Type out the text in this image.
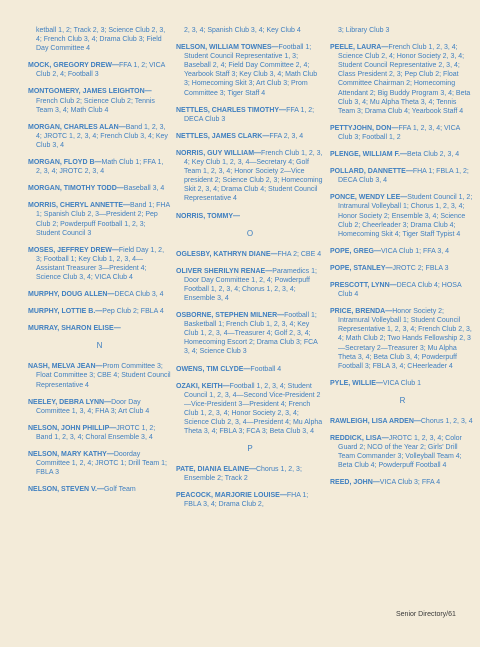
ketball 1, 2; Track 2, 3; Science Club 2, 3, 4; French Club 3, 4; Drama Club 3; Field Day Committee 4
MOCK, GREGORY DREW—FFA 1, 2; VICA Club 2, 4; Football 3
MONTGOMERY, JAMES LEIGHTON—French Club 2; Science Club 2; Tennis Team 3, 4; Math Club 4
MORGAN, CHARLES ALAN—Band 1, 2, 3, 4; JROTC 1, 2, 3, 4; French Club 3, 4; Key Club 3, 4
MORGAN, FLOYD B—Math Club 1; FFA 1, 2, 3, 4; JROTC 2, 3, 4
MORGAN, TIMOTHY TODD—Baseball 3, 4
MORRIS, CHERYL ANNETTE—Band 1; FHA 1; Spanish Club 2, 3—President 2; Pep Club 2; Powderpuff Football 1, 2, 3; Student Council 3
MOSES, JEFFREY DREW—Field Day 1, 2, 3; Football 1; Key Club 1, 2, 3, 4—Assistant Treasurer 3—President 4; Science Club 3, 4; VICA Club 4
MURPHY, DOUG ALLEN—DECA Club 3, 4
MURPHY, LOTTIE B.—Pep Club 2; FBLA 4
MURRAY, SHARON ELISE—
N
NASH, MELVA JEAN—Prom Committee 3; Float Committee 3; CBE 4; Student Council Representative 4
NEELEY, DEBRA LYNN—Door Day Committee 1, 3, 4; FHA 3; Art Club 4
NELSON, JOHN PHILLIP—JROTC 1, 2; Band 1, 2, 3, 4; Choral Ensemble 3, 4
NELSON, MARY KATHY—Doorday Committee 1, 2, 4; JROTC 1; Drill Team 1; FBLA 3
NELSON, STEVEN V.—Golf Team
2, 3, 4; Spanish Club 3, 4; Key Club 4
NELSON, WILLIAM TOWNES—Football 1; Student Council Representative 1, 3; Baseball 2, 4; Field Day Committee 2, 4; Yearbook Staff 3; Key Club 3, 4; Math Club 3; Homecoming Skit 3; Art Club 3; Prom Committee 3; Tiger Staff 4
NETTLES, CHARLES TIMOTHY—FFA 1, 2; DECA Club 3
NETTLES, JAMES CLARK—FFA 2, 3, 4
NORRIS, GUY WILLIAM—French Club 1, 2, 3, 4; Key Club 1, 2, 3, 4—Secretary 4; Golf Team 1, 2, 3, 4; Honor Society 2—Vice president 2; Science Club 2, 3; Homecoming Skit 2, 3, 4; Drama Club 4; Student Council Representative 4
NORRIS, TOMMY—
O
OGLESBY, KATHRYN DIANE—FHA 2; CBE 4
OLIVER SHERILYN RENAE—Paramedics 1; Door Day Committee 1, 2, 4; Powderpuff Football 1, 2, 3, 4; Chorus 1, 2, 3, 4; Ensemble 3, 4
OSBORNE, STEPHEN MILNER—Football 1; Basketball 1; French Club 1, 2, 3, 4; Key Club 1, 2, 3, 4—Treasurer 4; Golf 2, 3, 4; Homecoming Escort 2; Drama Club 3; FCA 3, 4; Science Club 3
OWENS, TIM CLYDE—Football 4
OZAKI, KEITH—Football 1, 2, 3, 4; Student Council 1, 2, 3, 4—Second Vice-President 2—Vice-President 3—President 4; French Club 1, 2, 3, 4; Honor Society 2, 3, 4; Science Club 2, 3, 4—President 4; Mu Alpha Theta 3, 4; FBLA 3; FCA 3; Beta Club 3, 4
P
PATE, DIANIA ELAINE—Chorus 1, 2, 3; Ensemble 2; Track 2
PEACOCK, MARJORIE LOUISE—FHA 1; FBLA 3, 4; Drama Club 2,
3; Library Club 3
PEELE, LAURA—French Club 1, 2, 3, 4; Science Club 2, 4; Honor Society 2, 3, 4; Student Council Representative 2, 3, 4; Class President 2, 3; Pep Club 2; Float Committee Chairman 2; Homecoming Attendant 2; Big Buddy Program 3, 4; Beta Club 3, 4; Mu Alpha Theta 3, 4; Tennis Team 3; Drama Club 4; Yearbook Staff 4
PETTYJOHN, DON—FFA 1, 2, 3, 4; VICA Club 3; Football 1, 2
PLENGE, WILLIAM F.—Beta Club 2, 3, 4
POLLARD, DANNETTE—FHA 1; FBLA 1, 2; DECA Club 3, 4
PONCE, WENDY LEE—Student Council 1, 2; Intramural Volleyball 1; Chorus 1, 2, 3, 4; Honor Society 2; Ensemble 3, 4; Science Club 2; Cheerleader 3; Drama Club 4; Homecoming Skit 4; Tiger Staff Typist 4
POPE, GREG—VICA Club 1; FFA 3, 4
POPE, STANLEY—JROTC 2; FBLA 3
PRESCOTT, LYNN—DECA Club 4; HOSA Club 4
PRICE, BRENDA—Honor Society 2; Intramural Volleyball 1; Student Council Representative 1, 2, 3, 4; French Club 2, 3, 4; Math Club 2; Two Hands Fellowship 2, 3—Secretary 2—Treasurer 3; Mu Alpha Theta 3, 4; Beta Club 3, 4; Powderpuff Football 3; FBLA 3, 4; CHeerleader 4
PYLE, WILLIE—VICA Club 1
R
RAWLEIGH, LISA ARDEN—Chorus 1, 2, 3, 4
REDDICK, LISA—JROTC 1, 2, 3, 4; Color Guard 2; NCO of the Year 2; Girls' Drill Team Commander 3; Volleyball Team 4; Beta Club 4; Powderpuff Football 4
REED, JOHN—VICA Club 3; FFA 4
Senior Directory/61
